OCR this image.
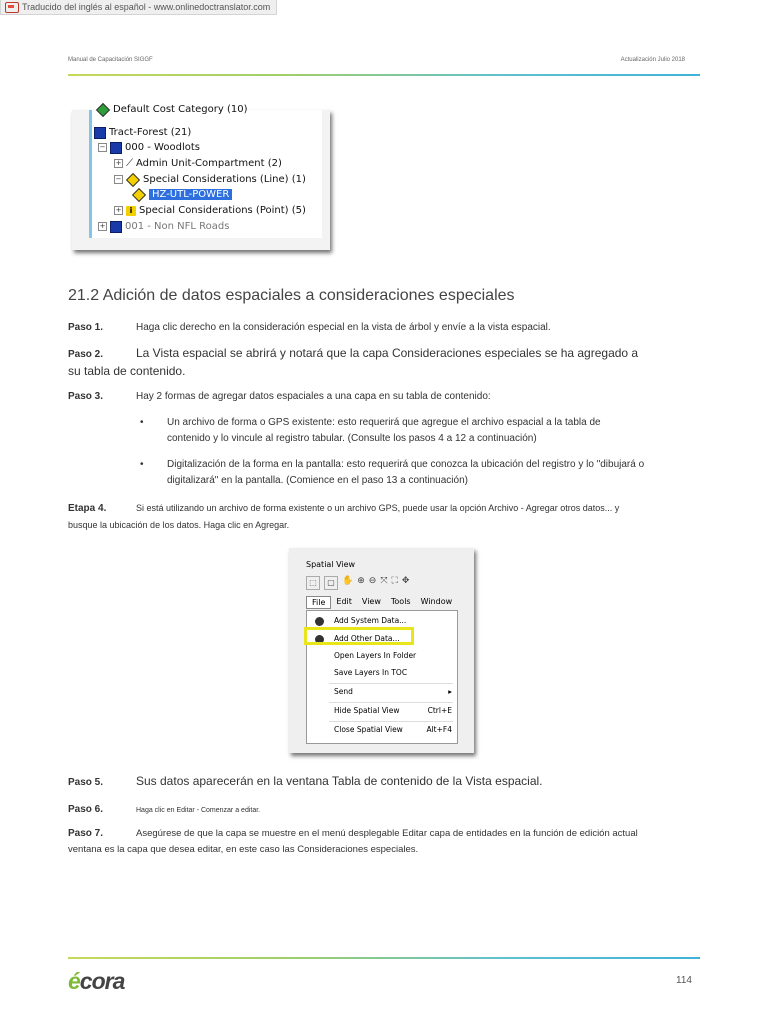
Traducido del inglés al español - www.onlinedoctranslator.com
Manual de Capacitación SIGGF	Actualización Julio 2018
Default Cost Category (10)
Tract-Forest (21)
− 000 - Woodlots
+ ⟋ Admin Unit-Compartment (2)
− Special Considerations (Line) (1)
HZ-UTL-POWER
+	i Special Considerations (Point) (5)
+ 001 - Non NFL Roads
21.2 Adición de datos espaciales a consideraciones especiales
Paso 1.	Haga clic derecho en la consideración especial en la vista de árbol y envíe a la vista espacial.
Paso 2.	La Vista espacial se abrirá y notará que la capa Consideraciones especiales se ha agregado a
su tabla de contenido.
Paso 3.	Hay 2 formas de agregar datos espaciales a una capa en su tabla de contenido:
• Un archivo de forma o GPS existente: esto requerirá que agregue el archivo espacial a la tabla de
contenido y lo vincule al registro tabular. (Consulte los pasos 4 a 12 a continuación)
• Digitalización de la forma en la pantalla: esto requerirá que conozca la ubicación del registro y lo "dibujará o
digitalizará" en la pantalla. (Comience en el paso 13 a continuación)
Etapa 4.	Si está utilizando un archivo de forma existente o un archivo GPS, puede usar la opción Archivo - Agregar otros datos... y
busque la ubicación de los datos. Haga clic en Agregar.
Spatial View
⬚	▢ ✋ ⊕ ⊖ ⤧ ⛶ ✥
File	Edit	View	Tools	Window
Add System Data...
Add Other Data...
Open Layers In Folder
Save Layers In TOC
Send	▸
Hide Spatial View	Ctrl+E
Close Spatial View	Alt+F4
Paso 5.	Sus datos aparecerán en la ventana Tabla de contenido de la Vista espacial.
Paso 6.	Haga clic en Editar - Comenzar a editar.
Paso 7.	Asegúrese de que la capa se muestre en el menú desplegable Editar capa de entidades en la función de edición actual
ventana es la capa que desea editar, en este caso las Consideraciones especiales.
é cora	114
